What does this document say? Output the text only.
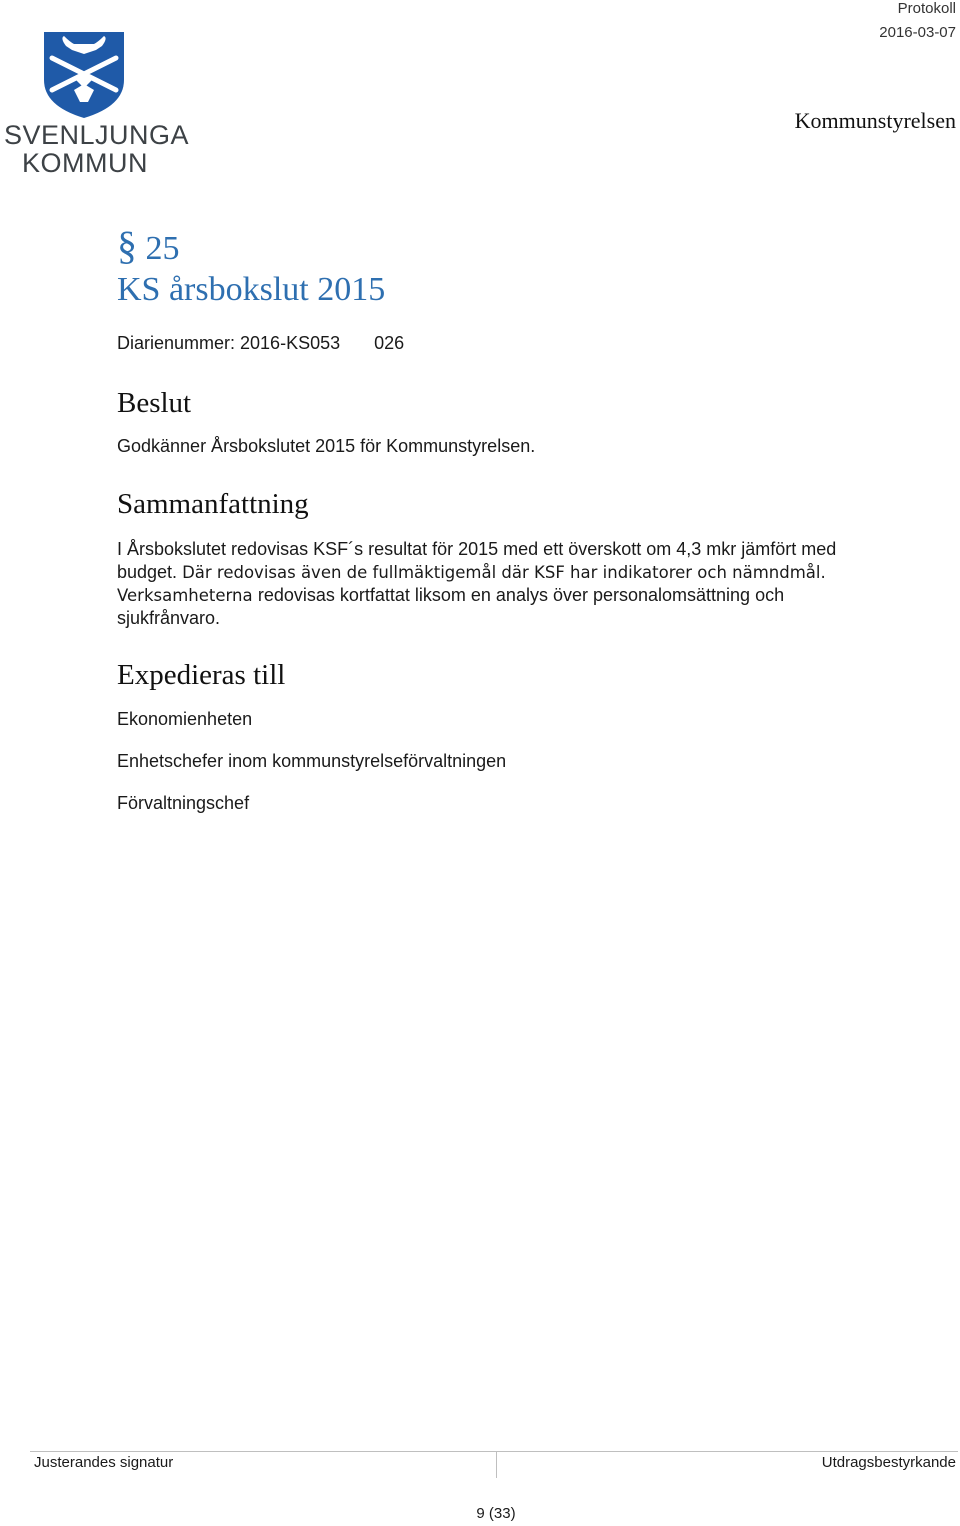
SVENLJUNGA
KOMMUN
Protokoll
2016-03-07
Kommunstyrelsen
§ 25
KS årsbokslut 2015
Diarienummer: 2016-KS053 026
Beslut
Godkänner Årsbokslutet 2015 för Kommunstyrelsen.
Sammanfattning
I Årsbokslutet redovisas KSF´s resultat för 2015 med ett överskott om 4,3 mkr jämfört med budget. Där redovisas även de fullmäktigemål där KSF har indikatorer och nämndmål. Verksamheterna redovisas kortfattat liksom en analys över personalomsättning och sjukfrånvaro.
Expedieras till
Ekonomienheten
Enhetschefer inom kommunstyrelseförvaltningen
Förvaltningschef
Justerandes signatur	Utdragsbestyrkande
9 (33)
